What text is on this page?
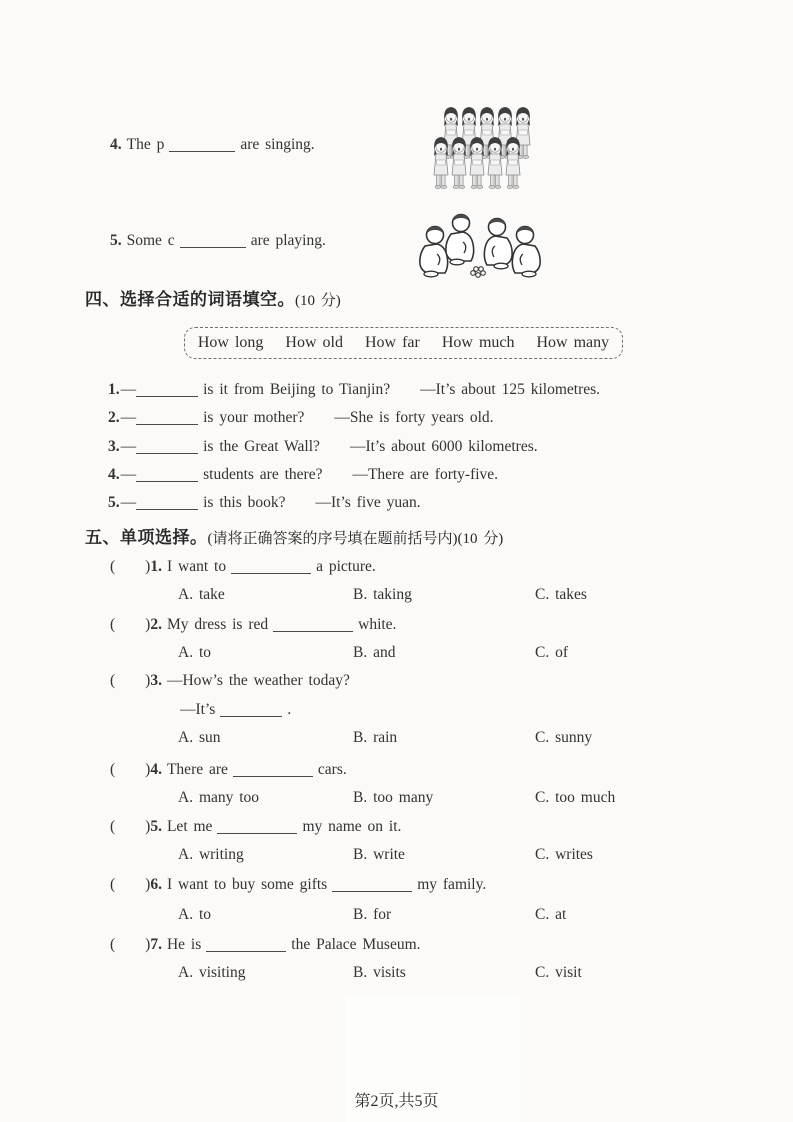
4. The p	are singing.
5. Some c	are playing.
四、选择合适的词语填空。(10 分)
How long How old How far How much How many
1.—	is it from Beijing to Tianjin? —It’s about 125 kilometres.
2.—	is your mother? —She is forty years old.
3.—	is the Great Wall? —It’s about 6000 kilometres.
4.—	students are there? —There are forty-five.
5.—	is this book? —It’s five yuan.
五、单项选择。(请将正确答案的序号填在题前括号内)(10 分)
( )1. I want to	a picture.
A. take	B. taking	C. takes
( )2. My dress is red	white.
A. to	B. and	C. of
( )3. —How’s the weather today?
—It’s	.
A. sun	B. rain	C. sunny
( )4. There are	cars.
A. many too	B. too many	C. too much
( )5. Let me	my name on it.
A. writing	B. write	C. writes
( )6. I want to buy some gifts	my family.
A. to	B. for	C. at
( )7. He is	the Palace Museum.
A. visiting	B. visits	C. visit
第2页,共5页
